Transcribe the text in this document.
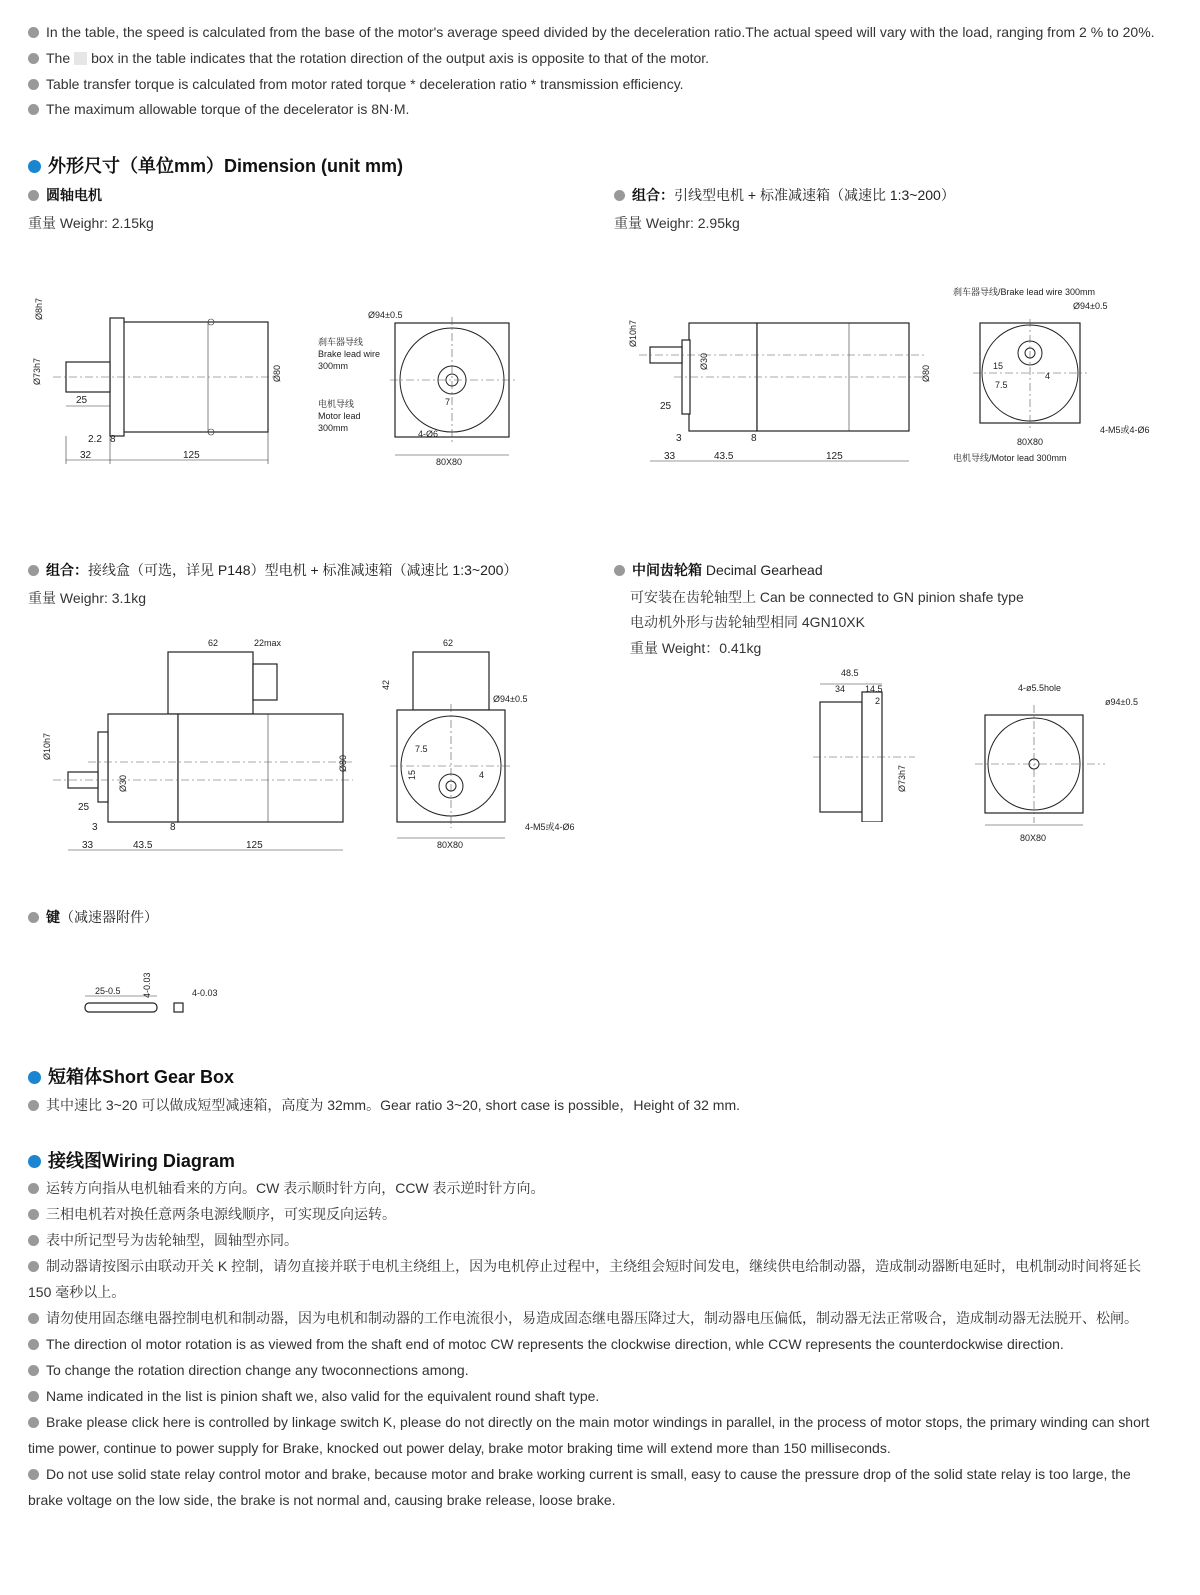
In the table, the speed is calculated from the base of the motor's average speed divided by the deceleration ratio.The actual speed will vary with the load, ranging from 2 % to 20%.
The box in the table indicates that the rotation direction of the output axis is opposite to that of the motor.
Table transfer torque is calculated from motor rated torque * deceleration ratio * transmission efficiency.
The maximum allowable torque of the decelerator is 8N·M.
外形尺寸（单位mm）Dimension (unit mm)
圆轴电机
重量 Weighr: 2.15kg
组合：引线型电机 + 标准减速箱（减速比 1:3~200）
重量 Weighr: 2.95kg
Ø8h7
Ø73h7	Ø80
25
2.2 8
32	125
Ø94±0.5
刹车器导线
Brake lead wire
300mm
电机导线
Motor lead
300mm
7
4-Ø6
80X80
Ø10h7
Ø30
Ø80
25
3	8
33	43.5	125
刹车器导线/Brake lead wire 300mm
Ø94±0.5
7.5
15
4
4-M5或4-Ø6
80X80
电机导线/Motor lead 300mm
组合：接线盒（可选，详见 P148）型电机 + 标准减速箱（减速比 1:3~200）
重量 Weighr: 3.1kg
中间齿轮箱 Decimal Gearhead
可安装在齿轮轴型上 Can be connected to GN pinion shafe type
电动机外形与齿轮轴型相同 4GN10XK
重量 Weight：0.41kg
62	22max
Ø10h7
Ø30
Ø80
25
3	8
33	43.5	125
62
42
Ø94±0.5
7.5
15	4
4-M5或4-Ø6
80X80
48.5
34 14.5
2
Ø73h7
4-ø5.5hole
ø94±0.5
80X80
键（减速器附件）
25-0.5 4-0.03	4-0.03
短箱体Short Gear Box
其中速比 3~20 可以做成短型减速箱，高度为 32mm。Gear ratio 3~20, short case is possible，Height of 32 mm.
接线图Wiring Diagram
运转方向指从电机轴看来的方向。CW 表示顺时针方向，CCW 表示逆时针方向。
三相电机若对换任意两条电源线顺序，可实现反向运转。
表中所记型号为齿轮轴型，圆轴型亦同。
制动器请按图示由联动开关 K 控制，请勿直接并联于电机主绕组上，因为电机停止过程中，主绕组会短时间发电，继续供电给制动器，造成制动器断电延时，电机制动时间将延长 150 毫秒以上。
请勿使用固态继电器控制电机和制动器，因为电机和制动器的工作电流很小，易造成固态继电器压降过大，制动器电压偏低，制动器无法正常吸合，造成制动器无法脱开、松闸。
The direction ol motor rotation is as viewed from the shaft end of motoc CW represents the clockwise direction, whle CCW represents the counterdockwise direction.
To change the rotation direction change any twoconnections among.
Name indicated in the list is pinion shaft we, also valid for the equivalent round shaft type.
Brake please click here is controlled by linkage switch K, please do not directly on the main motor windings in parallel, in the process of motor stops, the primary winding can short time power, continue to power supply for Brake, knocked out power delay, brake motor braking time will extend more than 150 milliseconds.
Do not use solid state relay control motor and brake, because motor and brake working current is small, easy to cause the pressure drop of the solid state relay is too large, the brake voltage on the low side, the brake is not normal and, causing brake release, loose brake.
